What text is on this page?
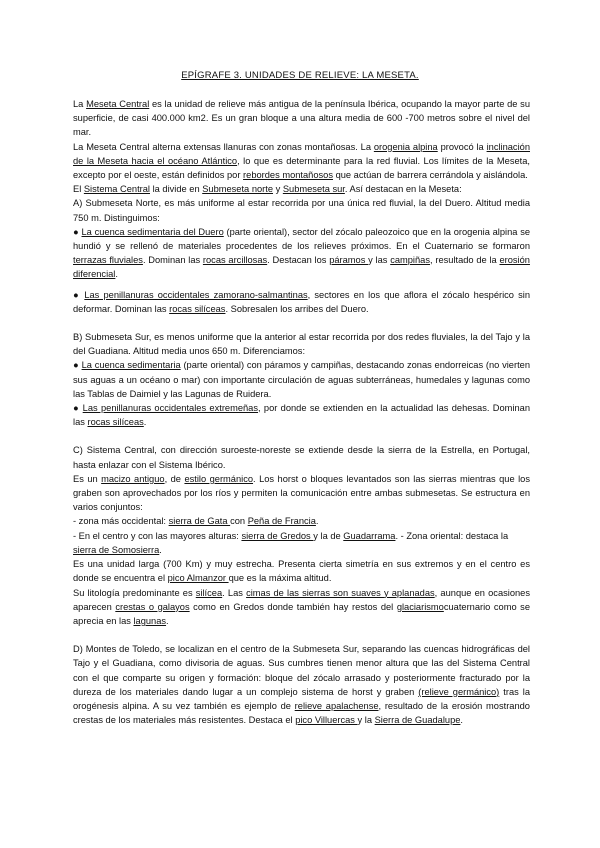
EPÍGRAFE 3. UNIDADES DE RELIEVE: LA MESETA.

La Meseta Central es la unidad de relieve más antigua de la península Ibérica, ocupando la mayor parte de su superficie, de casi 400.000 km2. Es un gran bloque a una altura media de 600 -700 metros sobre el nivel del mar.

La Meseta Central alterna extensas llanuras con zonas montañosas. La orogenia alpina provocó la inclinación de la Meseta hacia el océano Atlántico, lo que es determinante para la red fluvial. Los límites de la Meseta, excepto por el oeste, están definidos por rebordes montañosos que actúan de barrera cerrándola y aislándola.

El Sistema Central la divide en Submeseta norte y Submeseta sur. Así destacan en la Meseta:

A) Submeseta Norte, es más uniforme al estar recorrida por una única red fluvial, la del Duero. Altitud media 750 m. Distinguimos:

● La cuenca sedimentaria del Duero (parte oriental), sector del zócalo paleozoico que en la orogenia alpina se hundió y se rellenó de materiales procedentes de los relieves próximos. En el Cuaternario se formaron terrazas fluviales. Dominan las rocas arcillosas. Destacan los páramos y las campiñas, resultado de la erosión diferencial.

● Las penillanuras occidentales zamorano-salmantinas, sectores en los que aflora el zócalo hespérico sin deformar. Dominan las rocas silíceas. Sobresalen los arribes del Duero.

B) Submeseta Sur, es menos uniforme que la anterior al estar recorrida por dos redes fluviales, la del Tajo y la del Guadiana. Altitud media unos 650 m. Diferenciamos:

● La cuenca sedimentaria (parte oriental) con páramos y campiñas, destacando zonas endorreicas (no vierten sus aguas a un océano o mar) con importante circulación de aguas subterráneas, humedales y lagunas como las Tablas de Daimiel y las Lagunas de Ruidera.

● Las penillanuras occidentales extremeñas, por donde se extienden en la actualidad las dehesas. Dominan las rocas silíceas.

C) Sistema Central, con dirección suroeste-noreste se extiende desde la sierra de la Estrella, en Portugal, hasta enlazar con el Sistema Ibérico.

Es un macizo antiguo, de estilo germánico. Los horst o bloques levantados son las sierras mientras que los graben son aprovechados por los ríos y permiten la comunicación entre ambas submesetas. Se estructura en varios conjuntos:

- zona más occidental: sierra de Gata con Peña de Francia.

- En el centro y con las mayores alturas: sierra de Gredos y la de Guadarrama. - Zona oriental: destaca la sierra de Somosierra.

Es una unidad larga (700 Km) y muy estrecha. Presenta cierta simetría en sus extremos y en el centro es donde se encuentra el pico Almanzor que es la máxima altitud.

Su litología predominante es silícea. Las cimas de las sierras son suaves y aplanadas, aunque en ocasiones aparecen crestas o galayos como en Gredos donde también hay restos del glaciarismocuaternario como se aprecia en las lagunas.

D) Montes de Toledo, se localizan en el centro de la Submeseta Sur, separando las cuencas hidrográficas del Tajo y el Guadiana, como divisoria de aguas. Sus cumbres tienen menor altura que las del Sistema Central con el que comparte su origen y formación: bloque del zócalo arrasado y posteriormente fracturado por la dureza de los materiales dando lugar a un complejo sistema de horst y graben (relieve germánico) tras la orogénesis alpina. A su vez también es ejemplo de relieve apalachense, resultado de la erosión mostrando crestas de los materiales más resistentes. Destaca el pico Villuercas y la Sierra de Guadalupe.
